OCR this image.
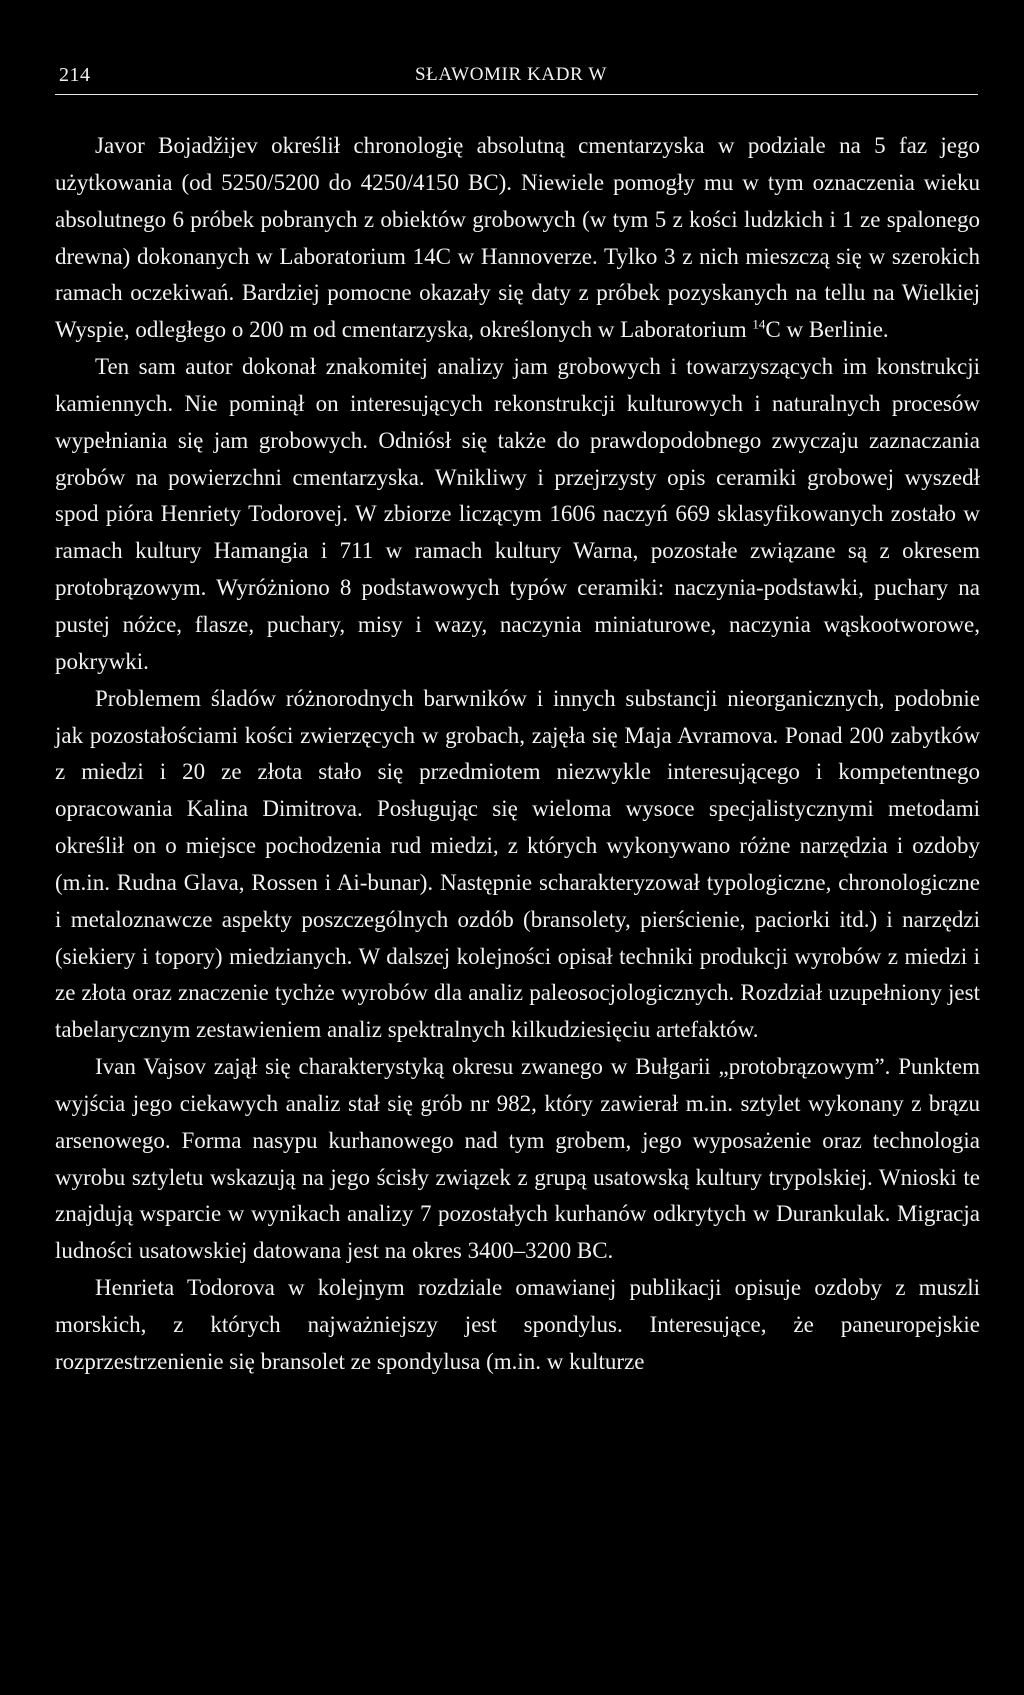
214	SŁAWOMIR KADR W

Javor Bojadžijev określił chronologię absolutną cmentarzyska w podziale na 5 faz jego użytkowania (od 5250/5200 do 4250/4150 BC). Niewiele pomogły mu w tym oznaczenia wieku absolutnego 6 próbek pobranych z obiektów grobowych (w tym 5 z kości ludzkich i 1 ze spalonego drewna) dokonanych w Laboratorium 14C w Hannoverze. Tylko 3 z nich mieszczą się w szerokich ramach oczekiwań. Bardziej pomocne okazały się daty z próbek pozyskanych na tellu na Wielkiej Wyspie, odległego o 200 m od cmentarzyska, określonych w Laboratorium $^{14}$C w Berlinie.

Ten sam autor dokonał znakomitej analizy jam grobowych i towarzyszących im konstrukcji kamiennych. Nie pominął on interesujących rekonstrukcji kulturowych i naturalnych procesów wypełniania się jam grobowych. Odniósł się także do prawdopodobnego zwyczaju zaznaczania grobów na powierzchni cmentarzyska. Wnikliwy i przejrzysty opis ceramiki grobowej wyszedł spod pióra Henriety Todorovej. W zbiorze liczącym 1606 naczyń 669 sklasyfikowanych zostało w ramach kultury Hamangia i 711 w ramach kultury Warna, pozostałe związane są z okresem protobrązowym. Wyróżniono 8 podstawowych typów ceramiki: naczynia-podstawki, puchary na pustej nóżce, flasze, puchary, misy i wazy, naczynia miniaturowe, naczynia wąskootworowe, pokrywki.

Problemem śladów różnorodnych barwników i innych substancji nieorganicznych, podobnie jak pozostałościami kości zwierzęcych w grobach, zajęła się Maja Avramova. Ponad 200 zabytków z miedzi i 20 ze złota stało się przedmiotem niezwykle interesującego i kompetentnego opracowania Kalina Dimitrova. Posługując się wieloma wysoce specjalistycznymi metodami określił on o miejsce pochodzenia rud miedzi, z których wykonywano różne narzędzia i ozdoby (m.in. Rudna Glava, Rossen i Ai-bunar). Następnie scharakteryzował typologiczne, chronologiczne i metaloznawcze aspekty poszczególnych ozdób (bransolety, pierścienie, paciorki itd.) i narzędzi (siekiery i topory) miedzianych. W dalszej kolejności opisał techniki produkcji wyrobów z miedzi i ze złota oraz znaczenie tychże wyrobów dla analiz paleosocjologicznych. Rozdział uzupełniony jest tabelarycznym zestawieniem analiz spektralnych kilkudziesięciu artefaktów.

Ivan Vajsov zajął się charakterystyką okresu zwanego w Bułgarii „protobrązowym”. Punktem wyjścia jego ciekawych analiz stał się grób nr 982, który zawierał m.in. sztylet wykonany z brązu arsenowego. Forma nasypu kurhanowego nad tym grobem, jego wyposażenie oraz technologia wyrobu sztyletu wskazują na jego ścisły związek z grupą usatowską kultury trypolskiej. Wnioski te znajdują wsparcie w wynikach analizy 7 pozostałych kurhanów odkrytych w Durankulak. Migracja ludności usatowskiej datowana jest na okres 3400–3200 BC.

Henrieta Todorova w kolejnym rozdziale omawianej publikacji opisuje ozdoby z muszli morskich, z których najważniejszy jest spondylus. Interesujące, że paneuropejskie rozprzestrzenienie się bransolet ze spondylusa (m.in. w kulturze
